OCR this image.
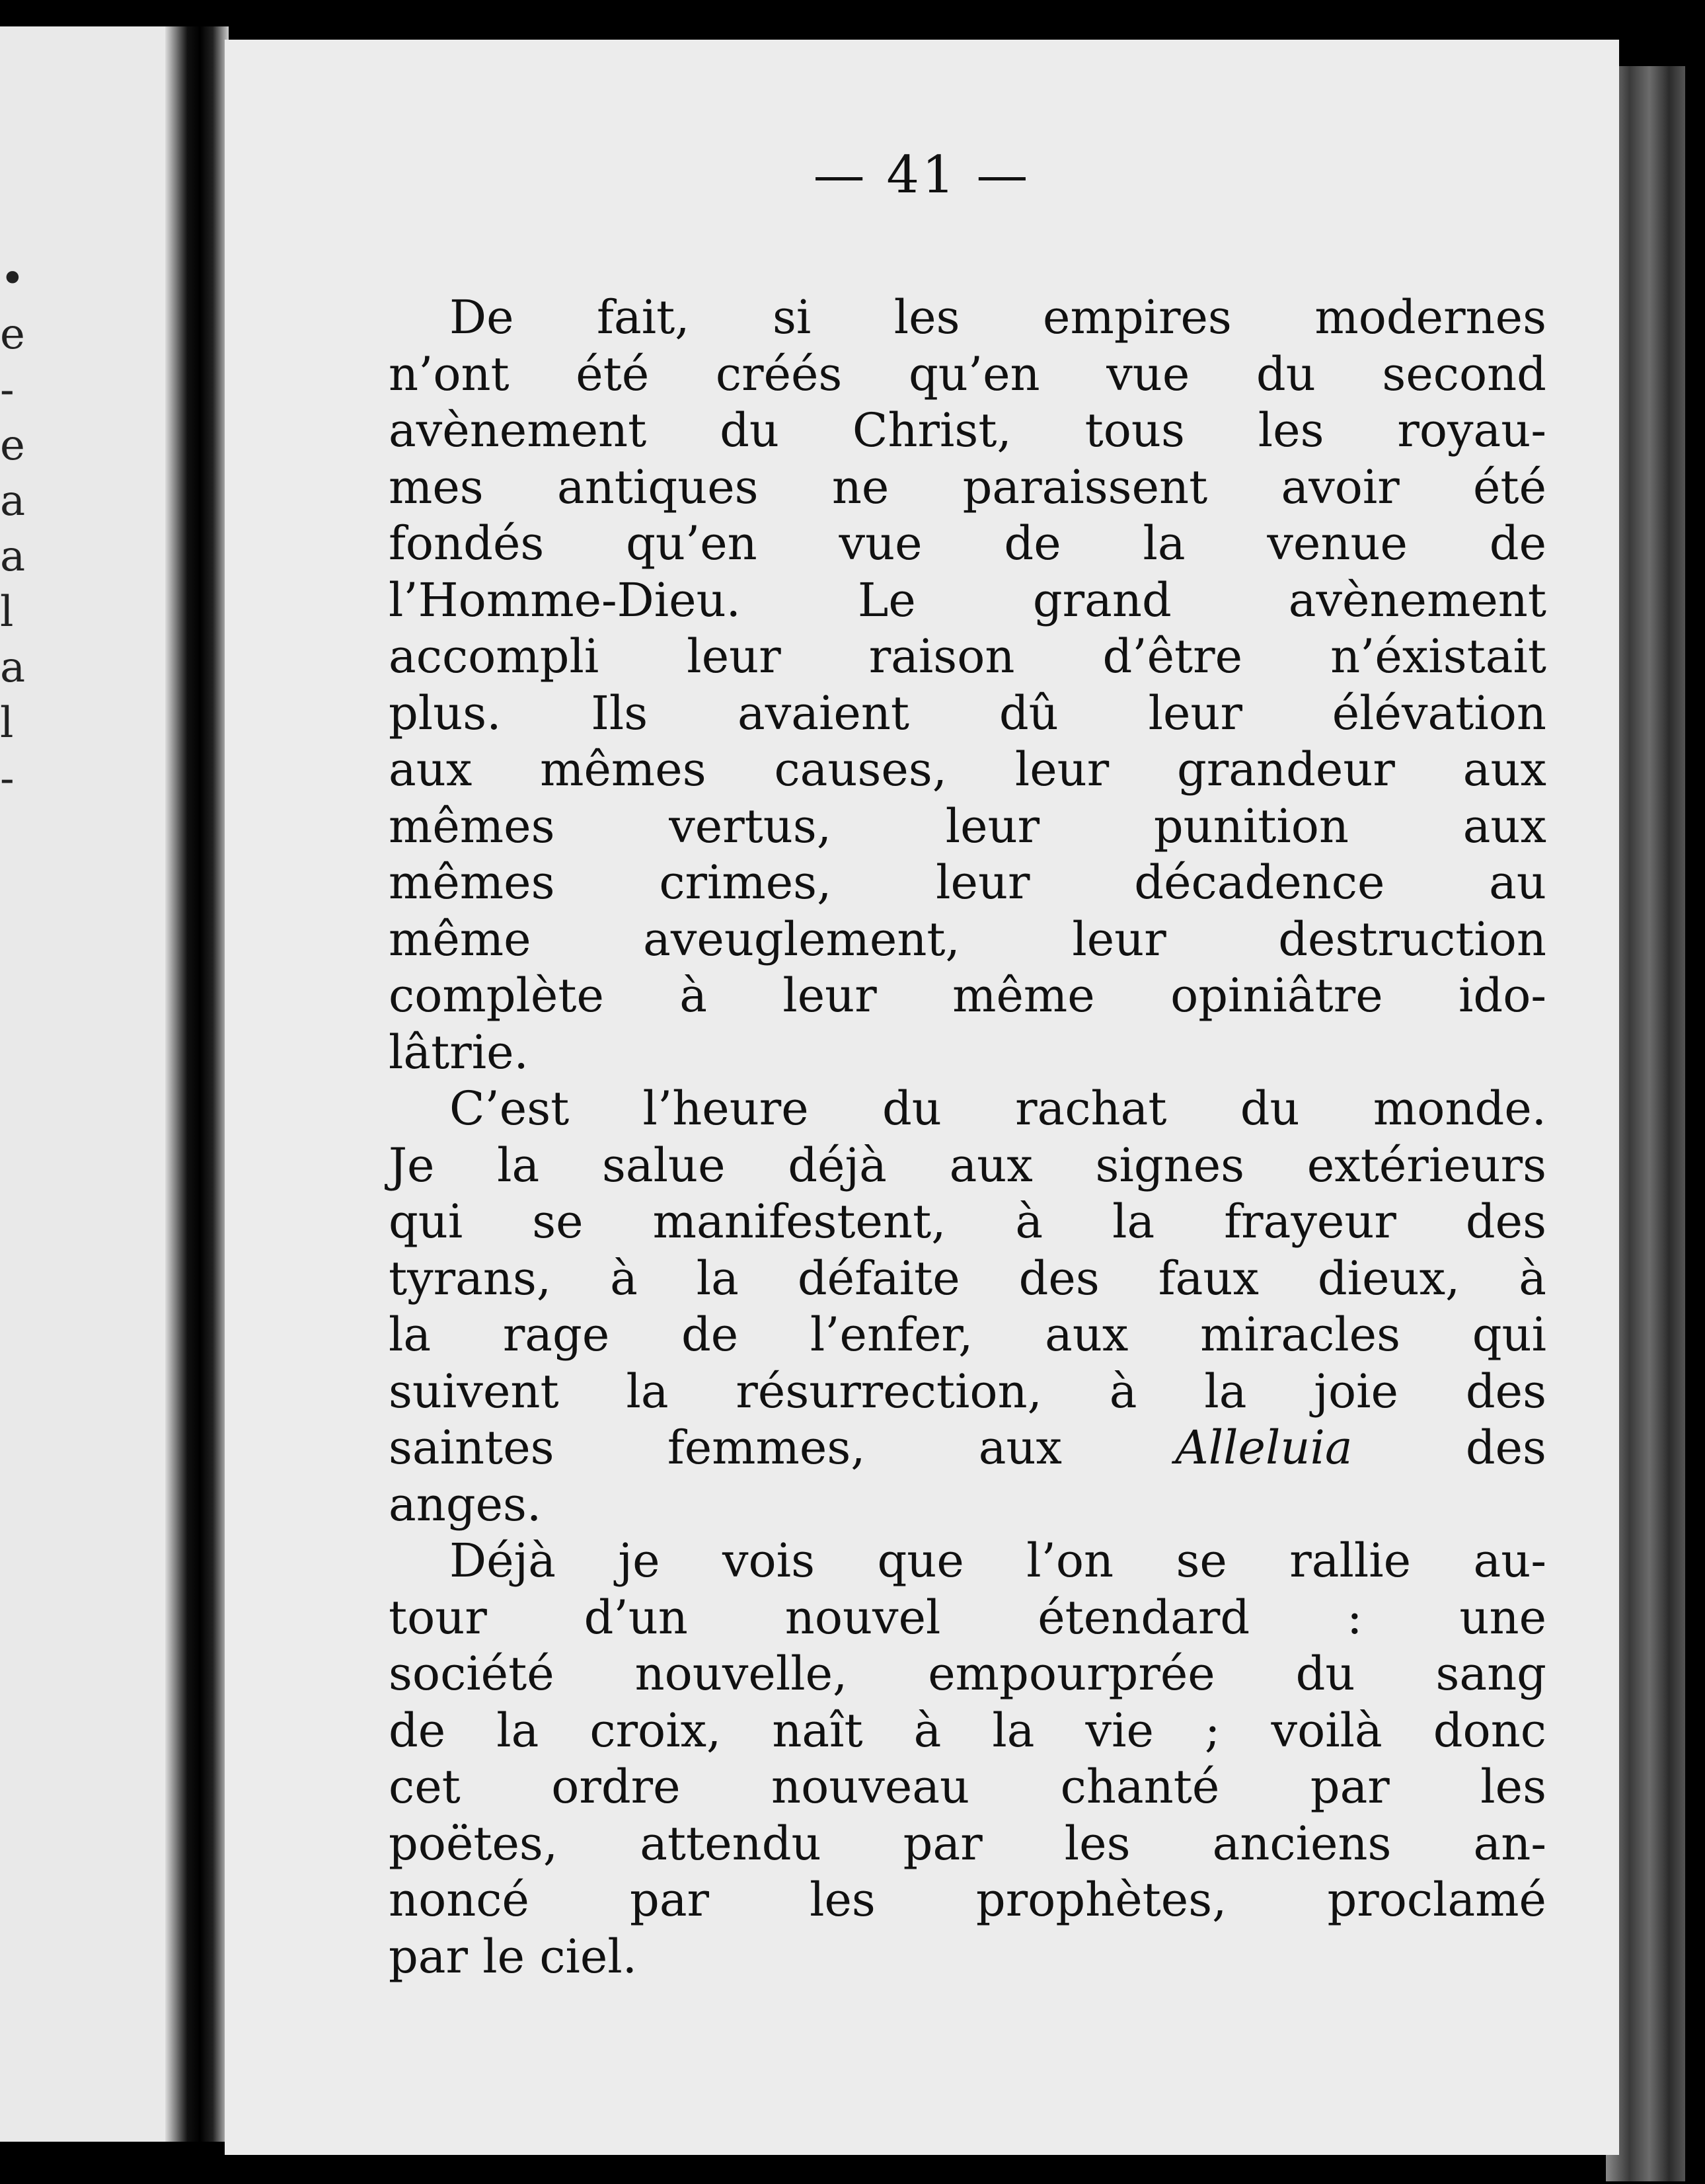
•
e
-
e
a
a
l
a
l
-
— 41 —
De fait, si les empires modernes
n’ont été créés qu’en vue du second
avènement du Christ, tous les royau-
mes antiques ne paraissent avoir été
fondés qu’en vue de la venue de
l’Homme-Dieu. Le grand avènement
accompli leur raison d’être n’éxistait
plus. Ils avaient dû leur élévation
aux mêmes causes, leur grandeur aux
mêmes vertus, leur punition aux
mêmes crimes, leur décadence au
même aveuglement, leur destruction
complète à leur même opiniâtre ido-
lâtrie.
C’est l’heure du rachat du monde.
Je la salue déjà aux signes extérieurs
qui se manifestent, à la frayeur des
tyrans, à la défaite des faux dieux, à
la rage de l’enfer, aux miracles qui
suivent la résurrection, à la joie des
saintes femmes, aux Alleluia des
anges.
Déjà je vois que l’on se rallie au-
tour d’un nouvel étendard : une
société nouvelle, empourprée du sang
de la croix, naît à la vie ; voilà donc
cet ordre nouveau chanté par les
poëtes, attendu par les anciens an-
noncé par les prophètes, proclamé
par le ciel.
